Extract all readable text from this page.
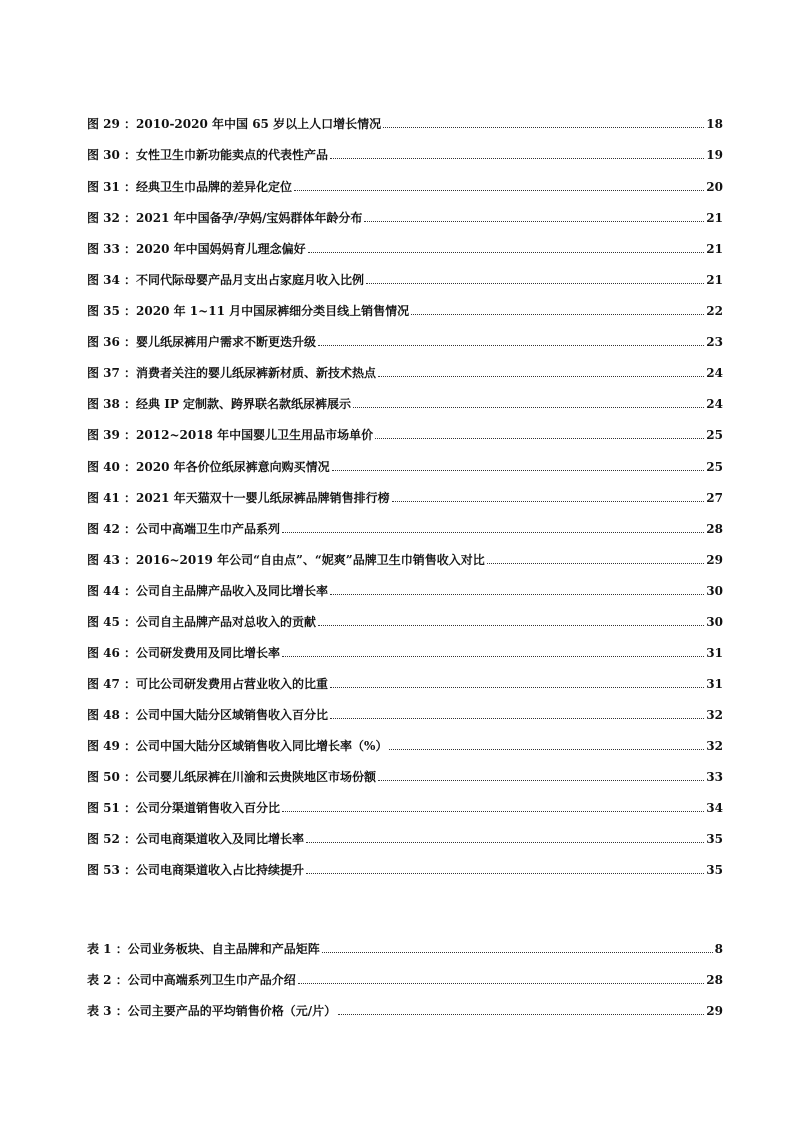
图 29 ：2010-2020 年中国 65 岁以上人口增长情况	18
图 30 ：女性卫生巾新功能卖点的代表性产品	19
图 31 ：经典卫生巾品牌的差异化定位	20
图 32 ：2021 年中国备孕/孕妈/宝妈群体年龄分布	21
图 33 ：2020 年中国妈妈育儿理念偏好	21
图 34 ：不同代际母婴产品月支出占家庭月收入比例	21
图 35 ：2020 年 1~11 月中国尿裤细分类目线上销售情况	22
图 36 ：婴儿纸尿裤用户需求不断更迭升级	23
图 37 ：消费者关注的婴儿纸尿裤新材质、新技术热点	24
图 38 ：经典 IP 定制款、跨界联名款纸尿裤展示	24
图 39 ：2012~2018 年中国婴儿卫生用品市场单价	25
图 40 ：2020 年各价位纸尿裤意向购买情况	25
图 41 ：2021 年天猫双十一婴儿纸尿裤品牌销售排行榜	27
图 42 ：公司中高端卫生巾产品系列	28
图 43 ：2016~2019 年公司“自由点”、“妮爽”品牌卫生巾销售收入对比	29
图 44 ：公司自主品牌产品收入及同比增长率	30
图 45 ：公司自主品牌产品对总收入的贡献	30
图 46 ：公司研发费用及同比增长率	31
图 47 ：可比公司研发费用占营业收入的比重	31
图 48 ：公司中国大陆分区域销售收入百分比	32
图 49 ：公司中国大陆分区域销售收入同比增长率（%）	32
图 50 ：公司婴儿纸尿裤在川渝和云贵陕地区市场份额	33
图 51 ：公司分渠道销售收入百分比	34
图 52 ：公司电商渠道收入及同比增长率	35
图 53 ：公司电商渠道收入占比持续提升	35
表 1 ：公司业务板块、自主品牌和产品矩阵	8
表 2 ：公司中高端系列卫生巾产品介绍	28
表 3 ：公司主要产品的平均销售价格（元/片）	29
